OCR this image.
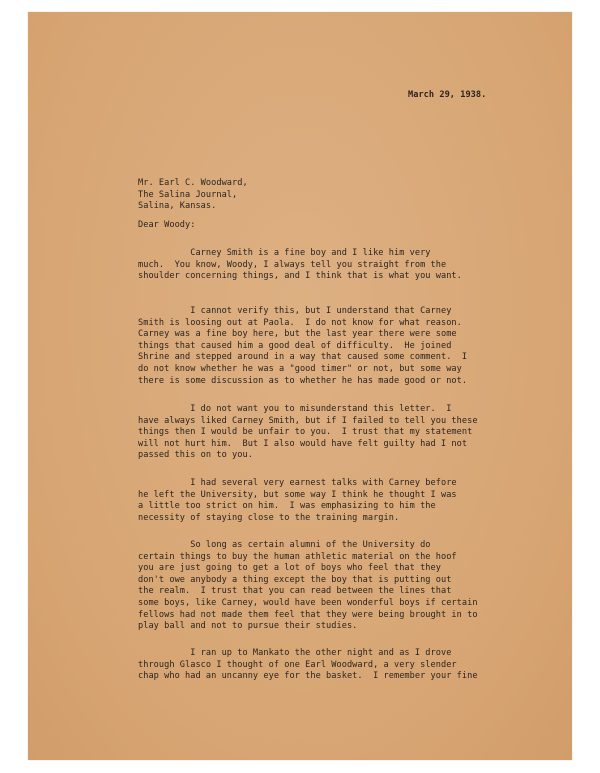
March 29, 1938.
Mr. Earl C. Woodward,
The Salina Journal,
Salina, Kansas.
Dear Woody:
Carney Smith is a fine boy and I like him very
much.  You know, Woody, I always tell you straight from the
shoulder concerning things, and I think that is what you want.
I cannot verify this, but I understand that Carney
Smith is loosing out at Paola.  I do not know for what reason.
Carney was a fine boy here, but the last year there were some
things that caused him a good deal of difficulty.  He joined
Shrine and stepped around in a way that caused some comment.  I
do not know whether he was a "good timer" or not, but some way
there is some discussion as to whether he has made good or not.
I do not want you to misunderstand this letter.  I
have always liked Carney Smith, but if I failed to tell you these
things then I would be unfair to you.  I trust that my statement
will not hurt him.  But I also would have felt guilty had I not
passed this on to you.
I had several very earnest talks with Carney before
he left the University, but some way I think he thought I was
a little too strict on him.  I was emphasizing to him the
necessity of staying close to the training margin.
So long as certain alumni of the University do
certain things to buy the human athletic material on the hoof
you are just going to get a lot of boys who feel that they
don't owe anybody a thing except the boy that is putting out
the realm.  I trust that you can read between the lines that
some boys, like Carney, would have been wonderful boys if certain
fellows had not made them feel that they were being brought in to
play ball and not to pursue their studies.
I ran up to Mankato the other night and as I drove
through Glasco I thought of one Earl Woodward, a very slender
chap who had an uncanny eye for the basket.  I remember your fine
